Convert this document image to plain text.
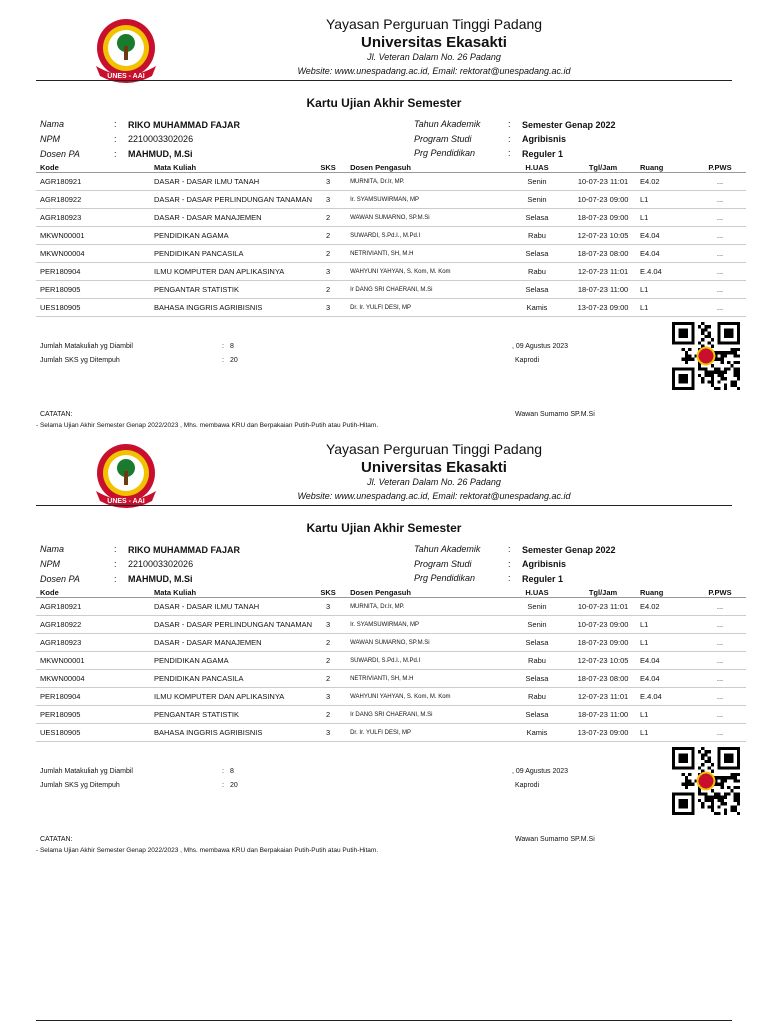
UNES - AAI
Yayasan Perguruan Tinggi Padang
Universitas Ekasakti
Jl. Veteran Dalam No. 26 Padang
Website: www.unespadang.ac.id, Email: rektorat@unespadang.ac.id
Kartu Ujian Akhir Semester
Nama	: RIKO MUHAMMAD FAJAR
NPM	: 2210003302026
Dosen PA	: MAHMUD, M.Si
Tahun Akademik	: Semester Genap 2022
Program Studi	: Agribisnis
Prg Pendidikan	: Reguler 1
Kode	Mata Kuliah	SKS	Dosen Pengasuh	H.UAS	Tgl/Jam	Ruang	P.PWS
AGR180921	DASAR - DASAR ILMU TANAH	3	MURNITA, Dr.Ir, MP.	Senin	10-07-23 11:01	E4.02	...
AGR180922	DASAR - DASAR PERLINDUNGAN TANAMAN	3	Ir. SYAMSUWIRMAN, MP	Senin	10-07-23 09:00	L1	...
AGR180923	DASAR - DASAR MANAJEMEN	2	WAWAN SUMARNO, SP.M.Si	Selasa	18-07-23 09:00	L1	...
MKWN00001	PENDIDIKAN AGAMA	2	SUWARDI, S.Pd.I., M.Pd.I	Rabu	12-07-23 10:05	E4.04	...
MKWN00004	PENDIDIKAN PANCASILA	2	NETRIVIANTI, SH, M.H	Selasa	18-07-23 08:00	E4.04	...
PER180904	ILMU KOMPUTER DAN APLIKASINYA	3	WAHYUNI YAHYAN, S. Kom, M. Kom	Rabu	12-07-23 11:01	E.4.04	...
PER180905	PENGANTAR STATISTIK	2	Ir DANG SRI CHAERANI, M.Si	Selasa	18-07-23 11:00	L1	...
UES180905	BAHASA INGGRIS AGRIBISNIS	3	Dr. Ir. YULFI DESI, MP	Kamis	13-07-23 09:00	L1	...
Jumlah Matakuliah yg Diambil	: 8
Jumlah SKS yg Ditempuh	: 20
, 09 Agustus 2023
Kaprodi
Wawan Sumarno SP.M.Si
CATATAN:
- Selama Ujian Akhir Semester Genap 2022/2023 , Mhs. membawa KRU dan Berpakaian Putih-Putih atau Putih-Hitam.
UNES - AAI
Yayasan Perguruan Tinggi Padang
Universitas Ekasakti
Jl. Veteran Dalam No. 26 Padang
Website: www.unespadang.ac.id, Email: rektorat@unespadang.ac.id
Kartu Ujian Akhir Semester
Nama	: RIKO MUHAMMAD FAJAR
NPM	: 2210003302026
Dosen PA	: MAHMUD, M.Si
Tahun Akademik	: Semester Genap 2022
Program Studi	: Agribisnis
Prg Pendidikan	: Reguler 1
Kode	Mata Kuliah	SKS	Dosen Pengasuh	H.UAS	Tgl/Jam	Ruang	P.PWS
AGR180921	DASAR - DASAR ILMU TANAH	3	MURNITA, Dr.Ir, MP.	Senin	10-07-23 11:01	E4.02	...
AGR180922	DASAR - DASAR PERLINDUNGAN TANAMAN	3	Ir. SYAMSUWIRMAN, MP	Senin	10-07-23 09:00	L1	...
AGR180923	DASAR - DASAR MANAJEMEN	2	WAWAN SUMARNO, SP.M.Si	Selasa	18-07-23 09:00	L1	...
MKWN00001	PENDIDIKAN AGAMA	2	SUWARDI, S.Pd.I., M.Pd.I	Rabu	12-07-23 10:05	E4.04	...
MKWN00004	PENDIDIKAN PANCASILA	2	NETRIVIANTI, SH, M.H	Selasa	18-07-23 08:00	E4.04	...
PER180904	ILMU KOMPUTER DAN APLIKASINYA	3	WAHYUNI YAHYAN, S. Kom, M. Kom	Rabu	12-07-23 11:01	E.4.04	...
PER180905	PENGANTAR STATISTIK	2	Ir DANG SRI CHAERANI, M.Si	Selasa	18-07-23 11:00	L1	...
UES180905	BAHASA INGGRIS AGRIBISNIS	3	Dr. Ir. YULFI DESI, MP	Kamis	13-07-23 09:00	L1	...
Jumlah Matakuliah yg Diambil	: 8
Jumlah SKS yg Ditempuh	: 20
, 09 Agustus 2023
Kaprodi
Wawan Sumarno SP.M.Si
CATATAN:
- Selama Ujian Akhir Semester Genap 2022/2023 , Mhs. membawa KRU dan Berpakaian Putih-Putih atau Putih-Hitam.
